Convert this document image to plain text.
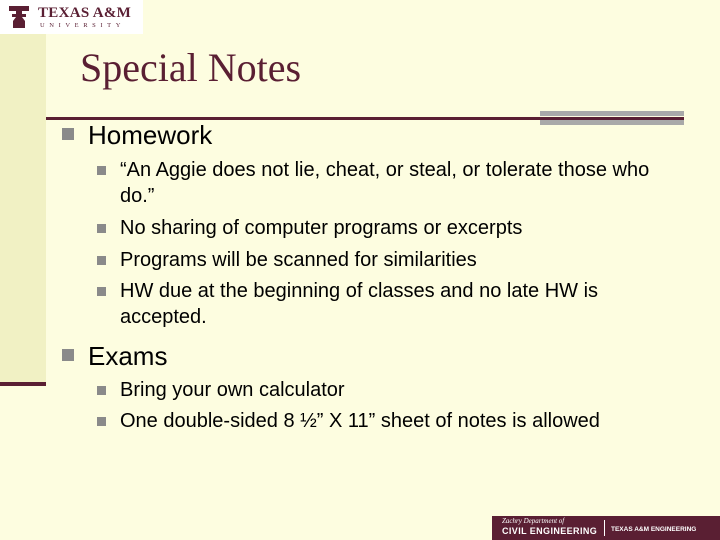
TEXAS A&M
UNIVERSITY
Special Notes
Homework
“An Aggie does not lie, cheat, or steal, or tolerate those who do.”
No sharing of computer programs or excerpts
Programs will be scanned for similarities
HW due at the beginning of classes and no late HW is accepted.
Exams
Bring your own calculator
One double-sided 8 ½” X 11” sheet of notes is allowed
Zachry Department of
CIVIL ENGINEERING TEXAS A&M ENGINEERING
